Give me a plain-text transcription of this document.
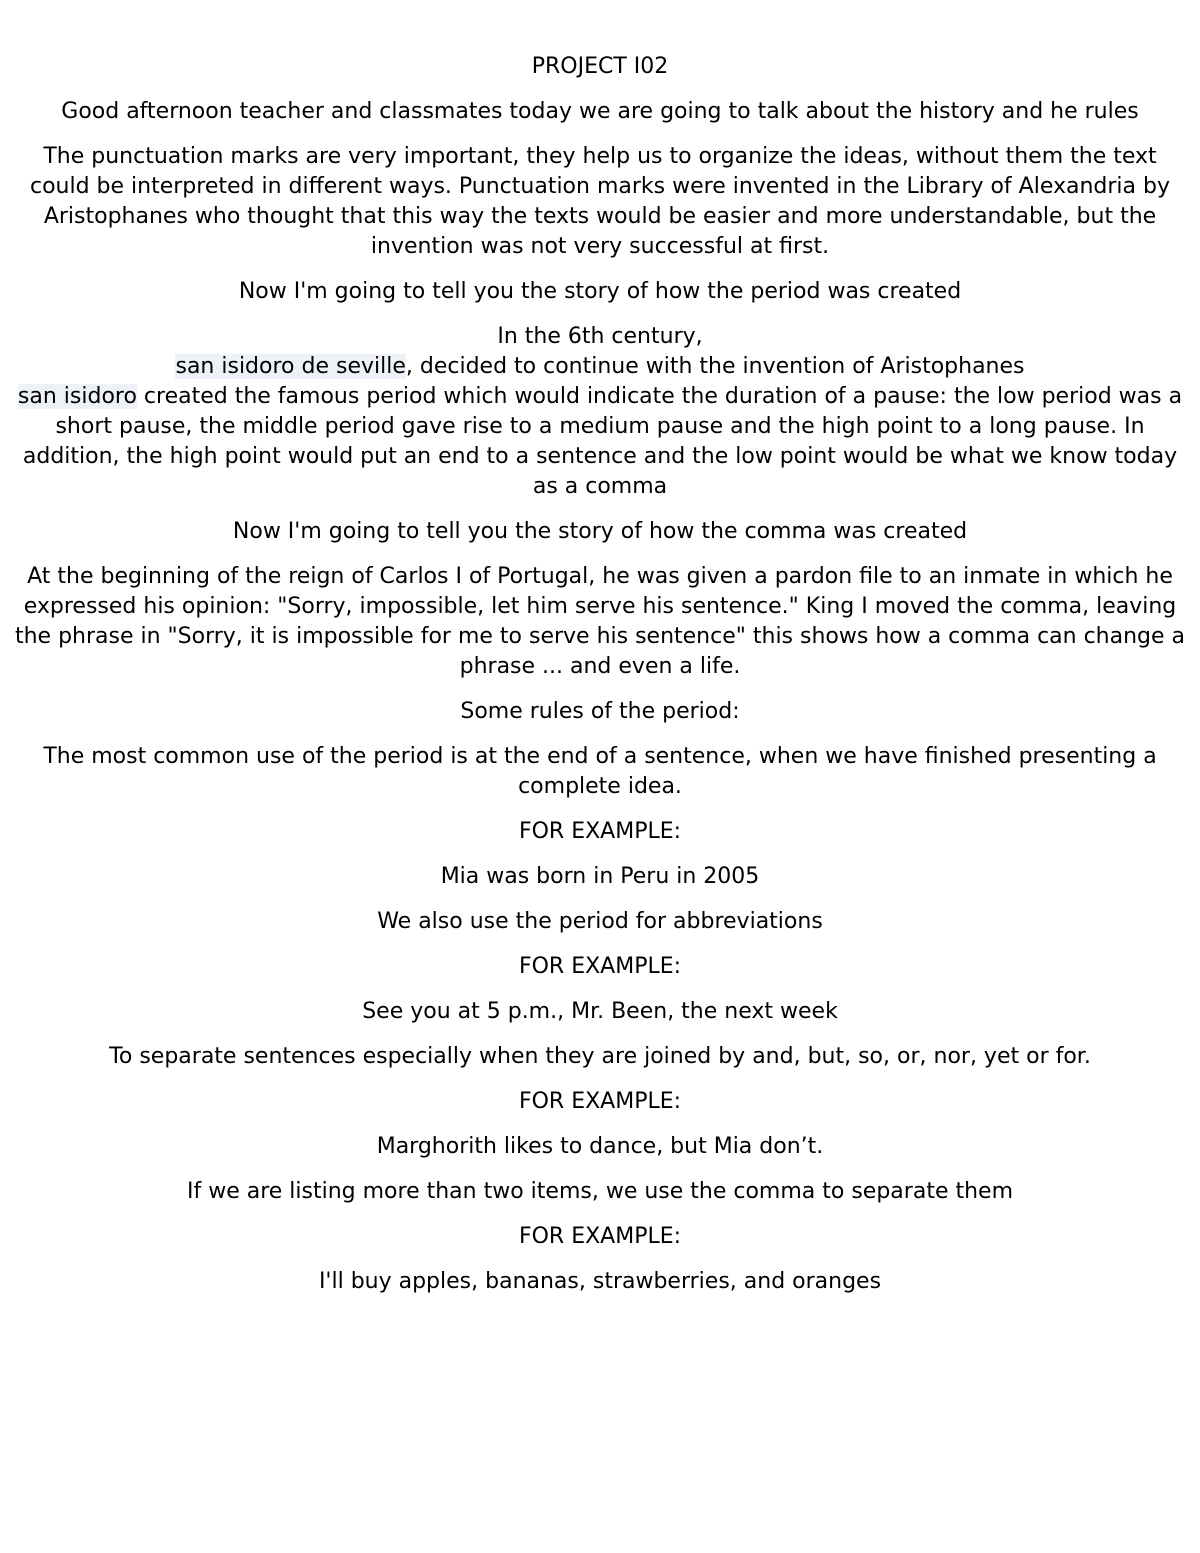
PROJECT I02

Good afternoon teacher and classmates today we are going to talk about the history and he rules

The punctuation marks are very important, they help us to organize the ideas, without them the text could be interpreted in different ways. Punctuation marks were invented in the Library of Alexandria by Aristophanes who thought that this way the texts would be easier and more understandable, but the invention was not very successful at first.

Now I'm going to tell you the story of how the period was created

In the 6th century,
san isidoro de seville, decided to continue with the invention of Aristophanes
san isidoro created the famous period which would indicate the duration of a pause: the low period was a short pause, the middle period gave rise to a medium pause and the high point to a long pause. In addition, the high point would put an end to a sentence and the low point would be what we know today as a comma

Now I'm going to tell you the story of how the comma was created

At the beginning of the reign of Carlos I of Portugal, he was given a pardon file to an inmate in which he expressed his opinion: "Sorry, impossible, let him serve his sentence." King I moved the comma, leaving the phrase in "Sorry, it is impossible for me to serve his sentence" this shows how a comma can change a phrase ... and even a life.

Some rules of the period:

The most common use of the period is at the end of a sentence, when we have finished presenting a complete idea.

FOR EXAMPLE:

Mia was born in Peru in 2005

We also use the period for abbreviations

FOR EXAMPLE:

See you at 5 p.m., Mr. Been, the next week

To separate sentences especially when they are joined by and, but, so, or, nor, yet or for.

FOR EXAMPLE:

Marghorith likes to dance, but Mia don’t.

If we are listing more than two items, we use the comma to separate them

FOR EXAMPLE:

I'll buy apples, bananas, strawberries, and oranges
